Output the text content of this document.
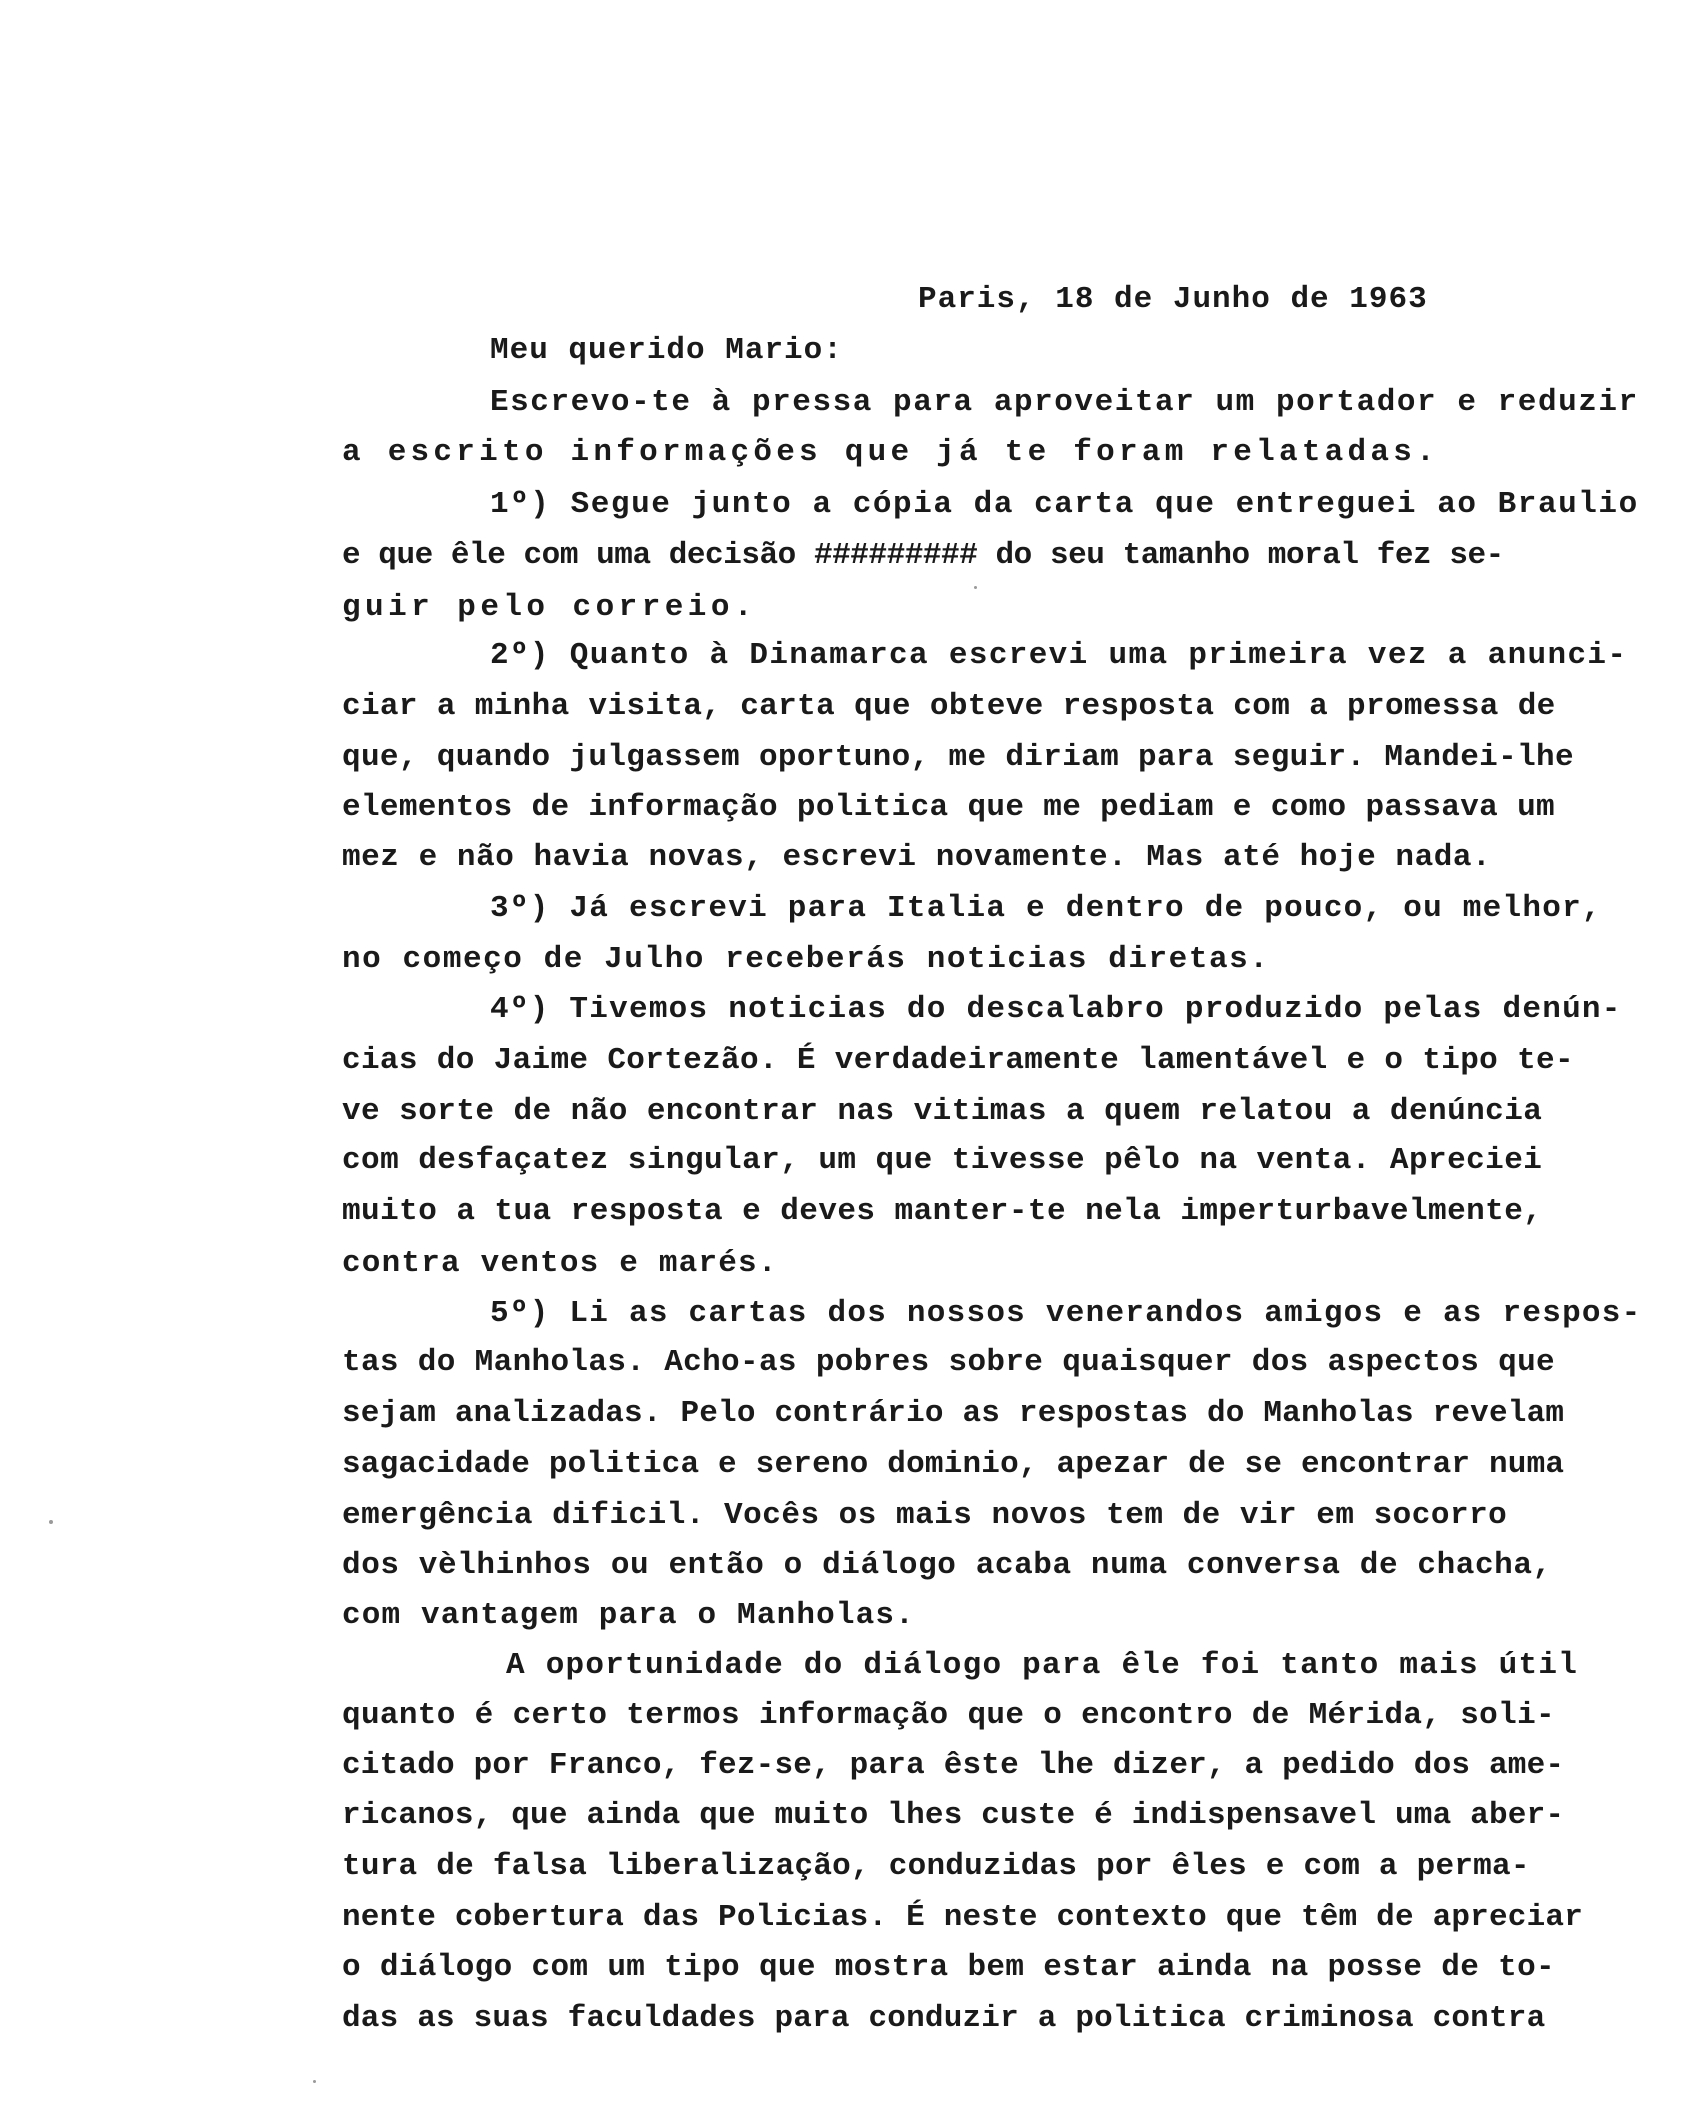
Paris, 18 de Junho de 1963
Meu querido Mario:
Escrevo-te à pressa para aproveitar um portador e reduzir
a escrito informações que já te foram relatadas.
1º) Segue junto a cópia da carta que entreguei ao Braulio
e que êle com uma decisão ######### do seu tamanho moral fez se-
guir pelo correio.
2º) Quanto à Dinamarca escrevi uma primeira vez a anunci-
ciar a minha visita, carta que obteve resposta com a promessa de
que, quando julgassem oportuno, me diriam para seguir. Mandei-lhe
elementos de informação politica que me pediam e como passava um
mez e não havia novas, escrevi novamente. Mas até hoje nada.
3º) Já escrevi para Italia e dentro de pouco, ou melhor,
no começo de Julho receberás noticias diretas.
4º) Tivemos noticias do descalabro produzido pelas denún-
cias do Jaime Cortezão. É verdadeiramente lamentável e o tipo te-
ve sorte de não encontrar nas vitimas a quem relatou a denúncia
com desfaçatez singular, um que tivesse pêlo na venta. Apreciei
muito a tua resposta e deves manter-te nela imperturbavelmente,
contra ventos e marés.
5º) Li as cartas dos nossos venerandos amigos e as respos-
tas do Manholas. Acho-as pobres sobre quaisquer dos aspectos que
sejam analizadas. Pelo contrário as respostas do Manholas revelam
sagacidade politica e sereno dominio, apezar de se encontrar numa
emergência dificil. Vocês os mais novos tem de vir em socorro
dos vèlhinhos ou então o diálogo acaba numa conversa de chacha,
com vantagem para o Manholas.
A oportunidade do diálogo para êle foi tanto mais útil
quanto é certo termos informação que o encontro de Mérida, soli-
citado por Franco, fez-se, para êste lhe dizer, a pedido dos ame-
ricanos, que ainda que muito lhes custe é indispensavel uma aber-
tura de falsa liberalização, conduzidas por êles e com a perma-
nente cobertura das Policias. É neste contexto que têm de apreciar
o diálogo com um tipo que mostra bem estar ainda na posse de to-
das as suas faculdades para conduzir a politica criminosa contra
